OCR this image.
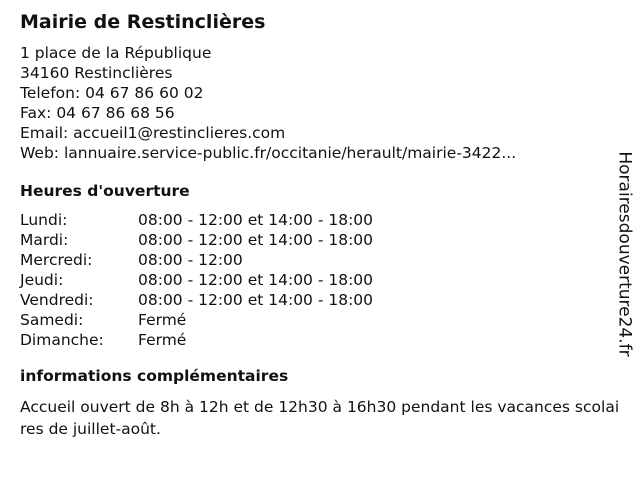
Mairie de Restinclières
1 place de la République
34160 Restinclières
Telefon: 04 67 86 60 02
Fax: 04 67 86 68 56
Email: accueil1@restinclieres.com
Web: lannuaire.service-public.fr/occitanie/herault/mairie-3422...
Heures d'ouverture
Lundi:	08:00 - 12:00 et 14:00 - 18:00
Mardi:	08:00 - 12:00 et 14:00 - 18:00
Mercredi:	08:00 - 12:00
Jeudi:	08:00 - 12:00 et 14:00 - 18:00
Vendredi:	08:00 - 12:00 et 14:00 - 18:00
Samedi:	Fermé
Dimanche:	Fermé
informations complémentaires
Accueil ouvert de 8h à 12h et de 12h30 à 16h30 pendant les vacances scolaires de juillet-août.
Horairesdouverture24.fr
